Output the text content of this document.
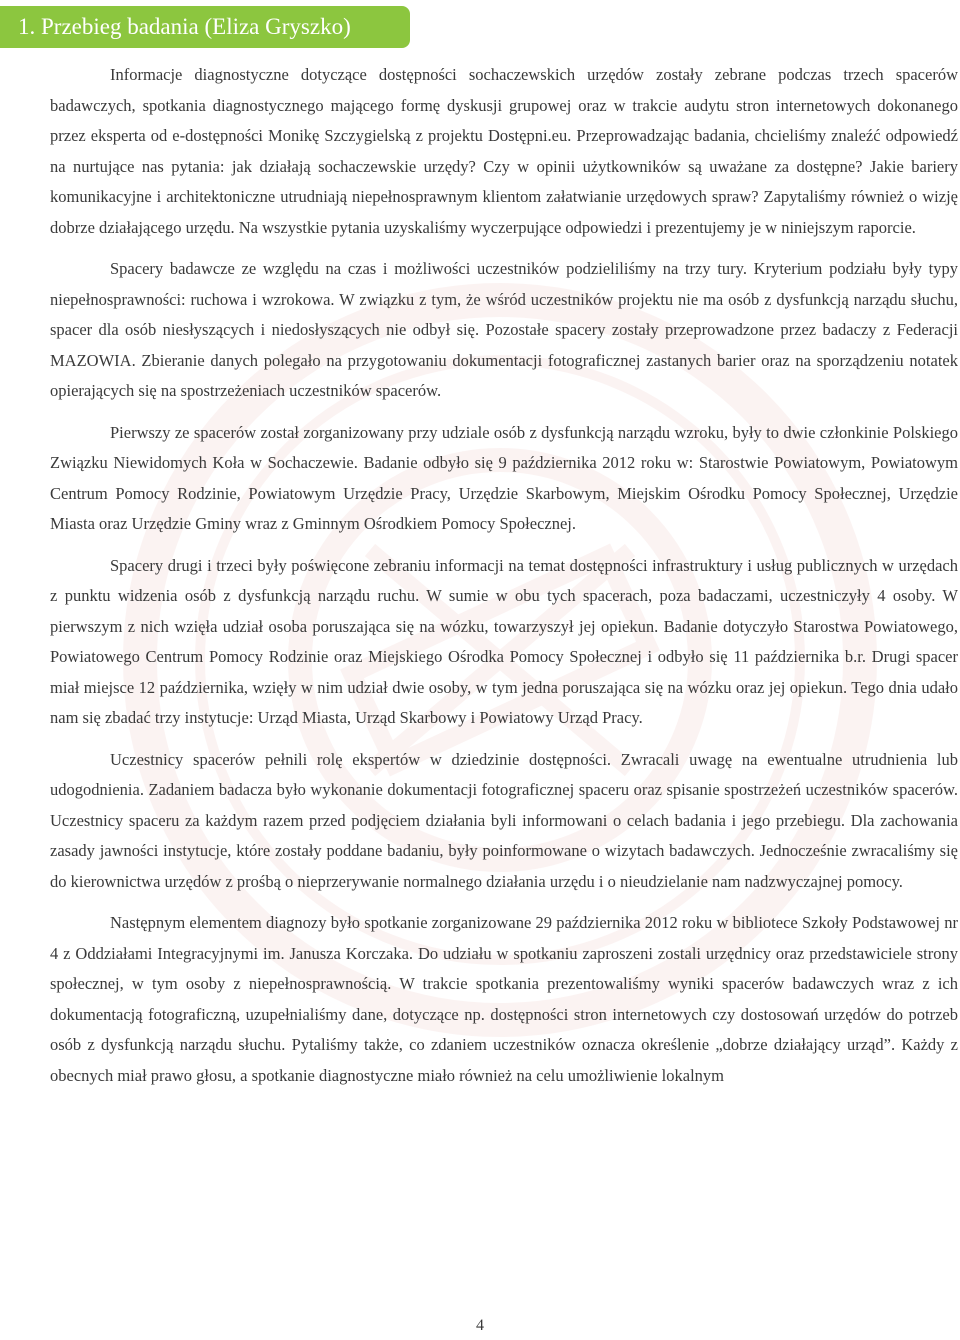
1. Przebieg badania (Eliza Gryszko)

Informacje diagnostyczne dotyczące dostępności sochaczewskich urzędów zostały zebrane podczas trzech spacerów badawczych, spotkania diagnostycznego mającego formę dyskusji grupowej oraz w trakcie audytu stron internetowych dokonanego przez eksperta od e-dostępności Monikę Szczygielską z projektu Dostępni.eu. Przeprowadzając badania, chcieliśmy znaleźć odpowiedź na nurtujące nas pytania: jak działają sochaczewskie urzędy? Czy w opinii użytkowników są uważane za dostępne? Jakie bariery komunikacyjne i architektoniczne utrudniają niepełnosprawnym klientom załatwianie urzędowych spraw? Zapytaliśmy również o wizję dobrze działającego urzędu. Na wszystkie pytania uzyskaliśmy wyczerpujące odpowiedzi i prezentujemy je w niniejszym raporcie.

Spacery badawcze ze względu na czas i możliwości uczestników podzieliliśmy na trzy tury. Kryterium podziału były typy niepełnosprawności: ruchowa i wzrokowa. W związku z tym, że wśród uczestników projektu nie ma osób z dysfunkcją narządu słuchu, spacer dla osób niesłyszących i niedosłyszących nie odbył się. Pozostałe spacery zostały przeprowadzone przez badaczy z Federacji MAZOWIA. Zbieranie danych polegało na przygotowaniu dokumentacji fotograficznej zastanych barier oraz na sporządzeniu notatek opierających się na spostrzeżeniach uczestników spacerów.

Pierwszy ze spacerów został zorganizowany przy udziale osób z dysfunkcją narządu wzroku, były to dwie członkinie Polskiego Związku Niewidomych Koła w Sochaczewie. Badanie odbyło się 9 października 2012 roku w: Starostwie Powiatowym, Powiatowym Centrum Pomocy Rodzinie, Powiatowym Urzędzie Pracy, Urzędzie Skarbowym, Miejskim Ośrodku Pomocy Społecznej, Urzędzie Miasta oraz Urzędzie Gminy wraz z Gminnym Ośrodkiem Pomocy Społecznej.

Spacery drugi i trzeci były poświęcone zebraniu informacji na temat dostępności infrastruktury i usług publicznych w urzędach z punktu widzenia osób z dysfunkcją narządu ruchu. W sumie w obu tych spacerach, poza badaczami, uczestniczyły 4 osoby. W pierwszym z nich wzięła udział osoba poruszająca się na wózku, towarzyszył jej opiekun. Badanie dotyczyło Starostwa Powiatowego, Powiatowego Centrum Pomocy Rodzinie oraz Miejskiego Ośrodka Pomocy Społecznej i odbyło się 11 października b.r. Drugi spacer miał miejsce 12 października, wzięły w nim udział dwie osoby, w tym jedna poruszająca się na wózku oraz jej opiekun. Tego dnia udało nam się zbadać trzy instytucje: Urząd Miasta, Urząd Skarbowy i Powiatowy Urząd Pracy.

Uczestnicy spacerów pełnili rolę ekspertów w dziedzinie dostępności. Zwracali uwagę na ewentualne utrudnienia lub udogodnienia. Zadaniem badacza było wykonanie dokumentacji fotograficznej spaceru oraz spisanie spostrzeżeń uczestników spacerów. Uczestnicy spaceru za każdym razem przed podjęciem działania byli informowani o celach badania i jego przebiegu. Dla zachowania zasady jawności instytucje, które zostały poddane badaniu, były poinformowane o wizytach badawczych. Jednocześnie zwracaliśmy się do kierownictwa urzędów z prośbą o nieprzerywanie normalnego działania urzędu i o nieudzielanie nam nadzwyczajnej pomocy.

Następnym elementem diagnozy było spotkanie zorganizowane 29 października 2012 roku w bibliotece Szkoły Podstawowej nr 4 z Oddziałami Integracyjnymi im. Janusza Korczaka. Do udziału w spotkaniu zaproszeni zostali urzędnicy oraz przedstawiciele strony społecznej, w tym osoby z niepełnosprawnością. W trakcie spotkania prezentowaliśmy wyniki spacerów badawczych wraz z ich dokumentacją fotograficzną, uzupełnialiśmy dane, dotyczące np. dostępności stron internetowych czy dostosowań urzędów do potrzeb osób z dysfunkcją narządu słuchu. Pytaliśmy także, co zdaniem uczestników oznacza określenie „dobrze działający urząd”. Każdy z obecnych miał prawo głosu, a spotkanie diagnostyczne miało również na celu umożliwienie lokalnym

4
